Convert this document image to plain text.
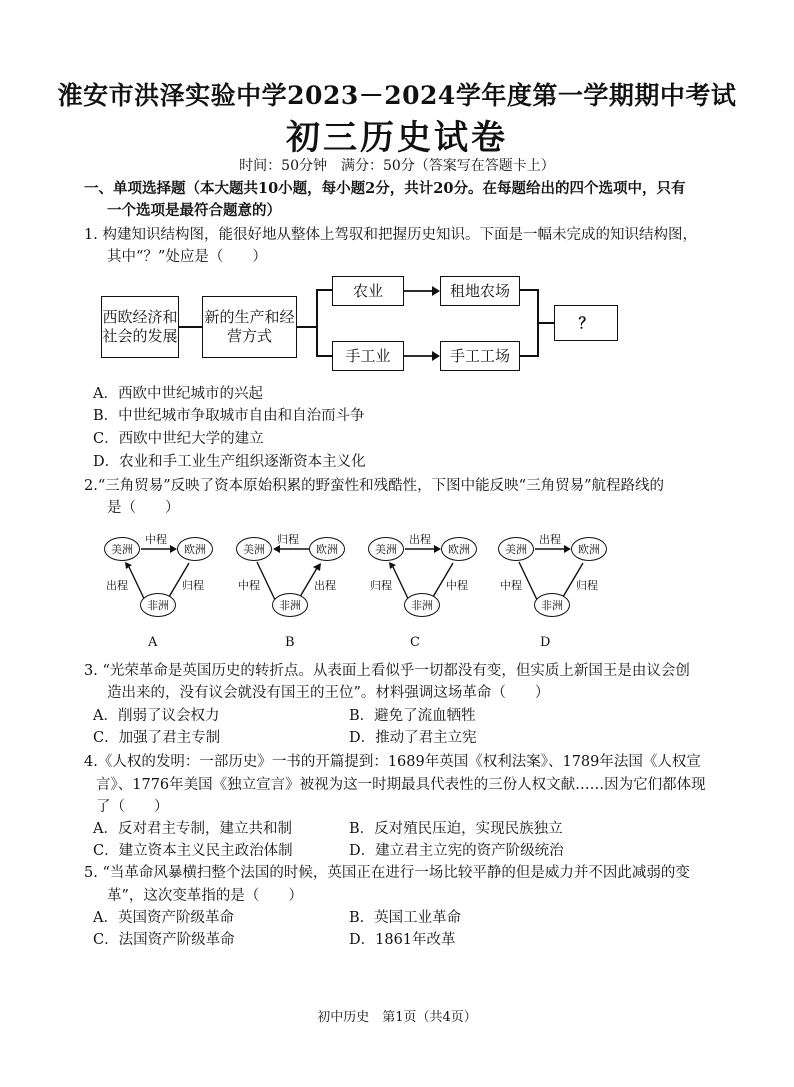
淮安市洪泽实验中学2023－2024学年度第一学期期中考试
初三历史试卷
时间：50分钟　满分：50分（答案写在答题卡上）
一、单项选择题（本大题共10小题，每小题2分，共计20分。在每题给出的四个选项中，只有
一个选项是最符合题意的）
1. 构建知识结构图，能很好地从整体上驾驭和把握历史知识。下面是一幅未完成的知识结构图，
其中“？”处应是（　　）
西欧经济和社会的发展
新的生产和经营方式
农业
手工业
租地农场
手工工场
？
A．西欧中世纪城市的兴起
B．中世纪城市争取城市自由和自治而斗争
C．西欧中世纪大学的建立
D．农业和手工业生产组织逐渐资本主义化
2.“三角贸易”反映了资本原始积累的野蛮性和残酷性，下图中能反映“三角贸易”航程路线的
是（　　）
美洲	欧洲
非洲
中程
出程	归程
A
美洲	欧洲
非洲
归程
中程	出程
B
美洲	欧洲
非洲
出程
归程	中程
C
美洲	欧洲
非洲
出程
中程	归程
D
3. “光荣革命是英国历史的转折点。从表面上看似乎一切都没有变，但实质上新国王是由议会创
造出来的，没有议会就没有国王的王位”。材料强调这场革命（　　）
A．削弱了议会权力	B．避免了流血牺牲
C．加强了君主专制	D．推动了君主立宪
4.《人权的发明：一部历史》一书的开篇提到：1689年英国《权利法案》、1789年法国《人权宣
言》、1776年美国《独立宣言》被视为这一时期最具代表性的三份人权文献……因为它们都体现
了（　　）
A．反对君主专制，建立共和制	B．反对殖民压迫，实现民族独立
C．建立资本主义民主政治体制	D．建立君主立宪的资产阶级统治
5. “当革命风暴横扫整个法国的时候，英国正在进行一场比较平静的但是威力并不因此减弱的变
革”，这次变革指的是（　　）
A．英国资产阶级革命	B．英国工业革命
C．法国资产阶级革命	D．1861年改革
初中历史　第1页（共4页）
